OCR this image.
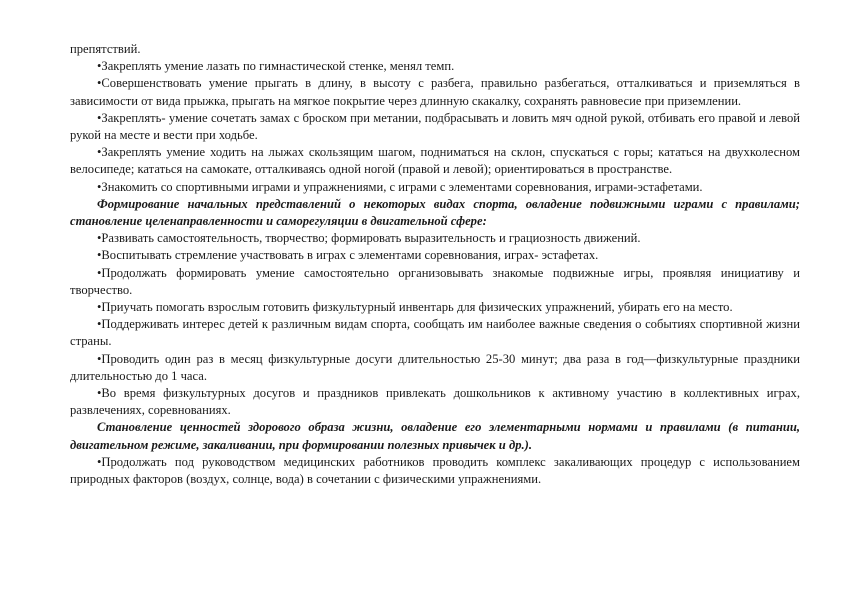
препятствий.

•Закреплять умение лазать по гимнастической стенке, менял темп.

•Совершенствовать умение прыгать в длину, в высоту с разбега, правильно разбегаться, отталкиваться и приземляться в зависимости от вида прыжка, прыгать на мягкое покрытие через длинную скакалку, сохранять равновесие при приземлении.

•Закреплять- умение сочетать замах с броском при метании, подбрасывать и ловить мяч одной рукой, отбивать его правой и левой рукой на месте и вести при ходьбе.

•Закреплять умение ходить на лыжах скользящим шагом, подниматься на склон, спускаться с горы; кататься на двухколесном велосипеде; кататься на самокате, отталкиваясь одной ногой (правой и левой); ориентироваться в пространстве.

•Знакомить со спортивными играми и упражнениями, с играми с элементами соревнования, играми-эстафетами.

Формирование начальных представлений о некоторых видах спорта, овладение подвижными играми с правилами; становление целенаправленности и саморегуляции в двигательной сфере:

•Развивать самостоятельность, творчество; формировать выразительность и грациозность движений.

•Воспитывать стремление участвовать в играх с элементами соревнования, играх- эстафетах.

•Продолжать формировать умение самостоятельно организовывать знакомые подвижные игры, проявляя инициативу и творчество.

•Приучать помогать взрослым готовить физкультурный инвентарь для физических упражнений, убирать его на место.

•Поддерживать интерес детей к различным видам спорта, сообщать им наиболее важные сведения о событиях спортивной жизни страны.

•Проводить один раз в месяц физкультурные досуги длительностью 25-30 минут; два раза в год—физкультурные праздники длительностью до 1 часа.

•Во время физкультурных досугов и праздников привлекать дошкольников к активному участию в коллективных играх, развлечениях, соревнованиях.

Становление ценностей здорового образа жизни, овладение его элементарными нормами и правилами (в питании, двигательном режиме, закаливании, при формировании полезных привычек и др.).

•Продолжать под руководством медицинских работников проводить комплекс закаливающих процедур с использованием природных факторов (воздух, солнце, вода) в сочетании с физическими упражнениями.
